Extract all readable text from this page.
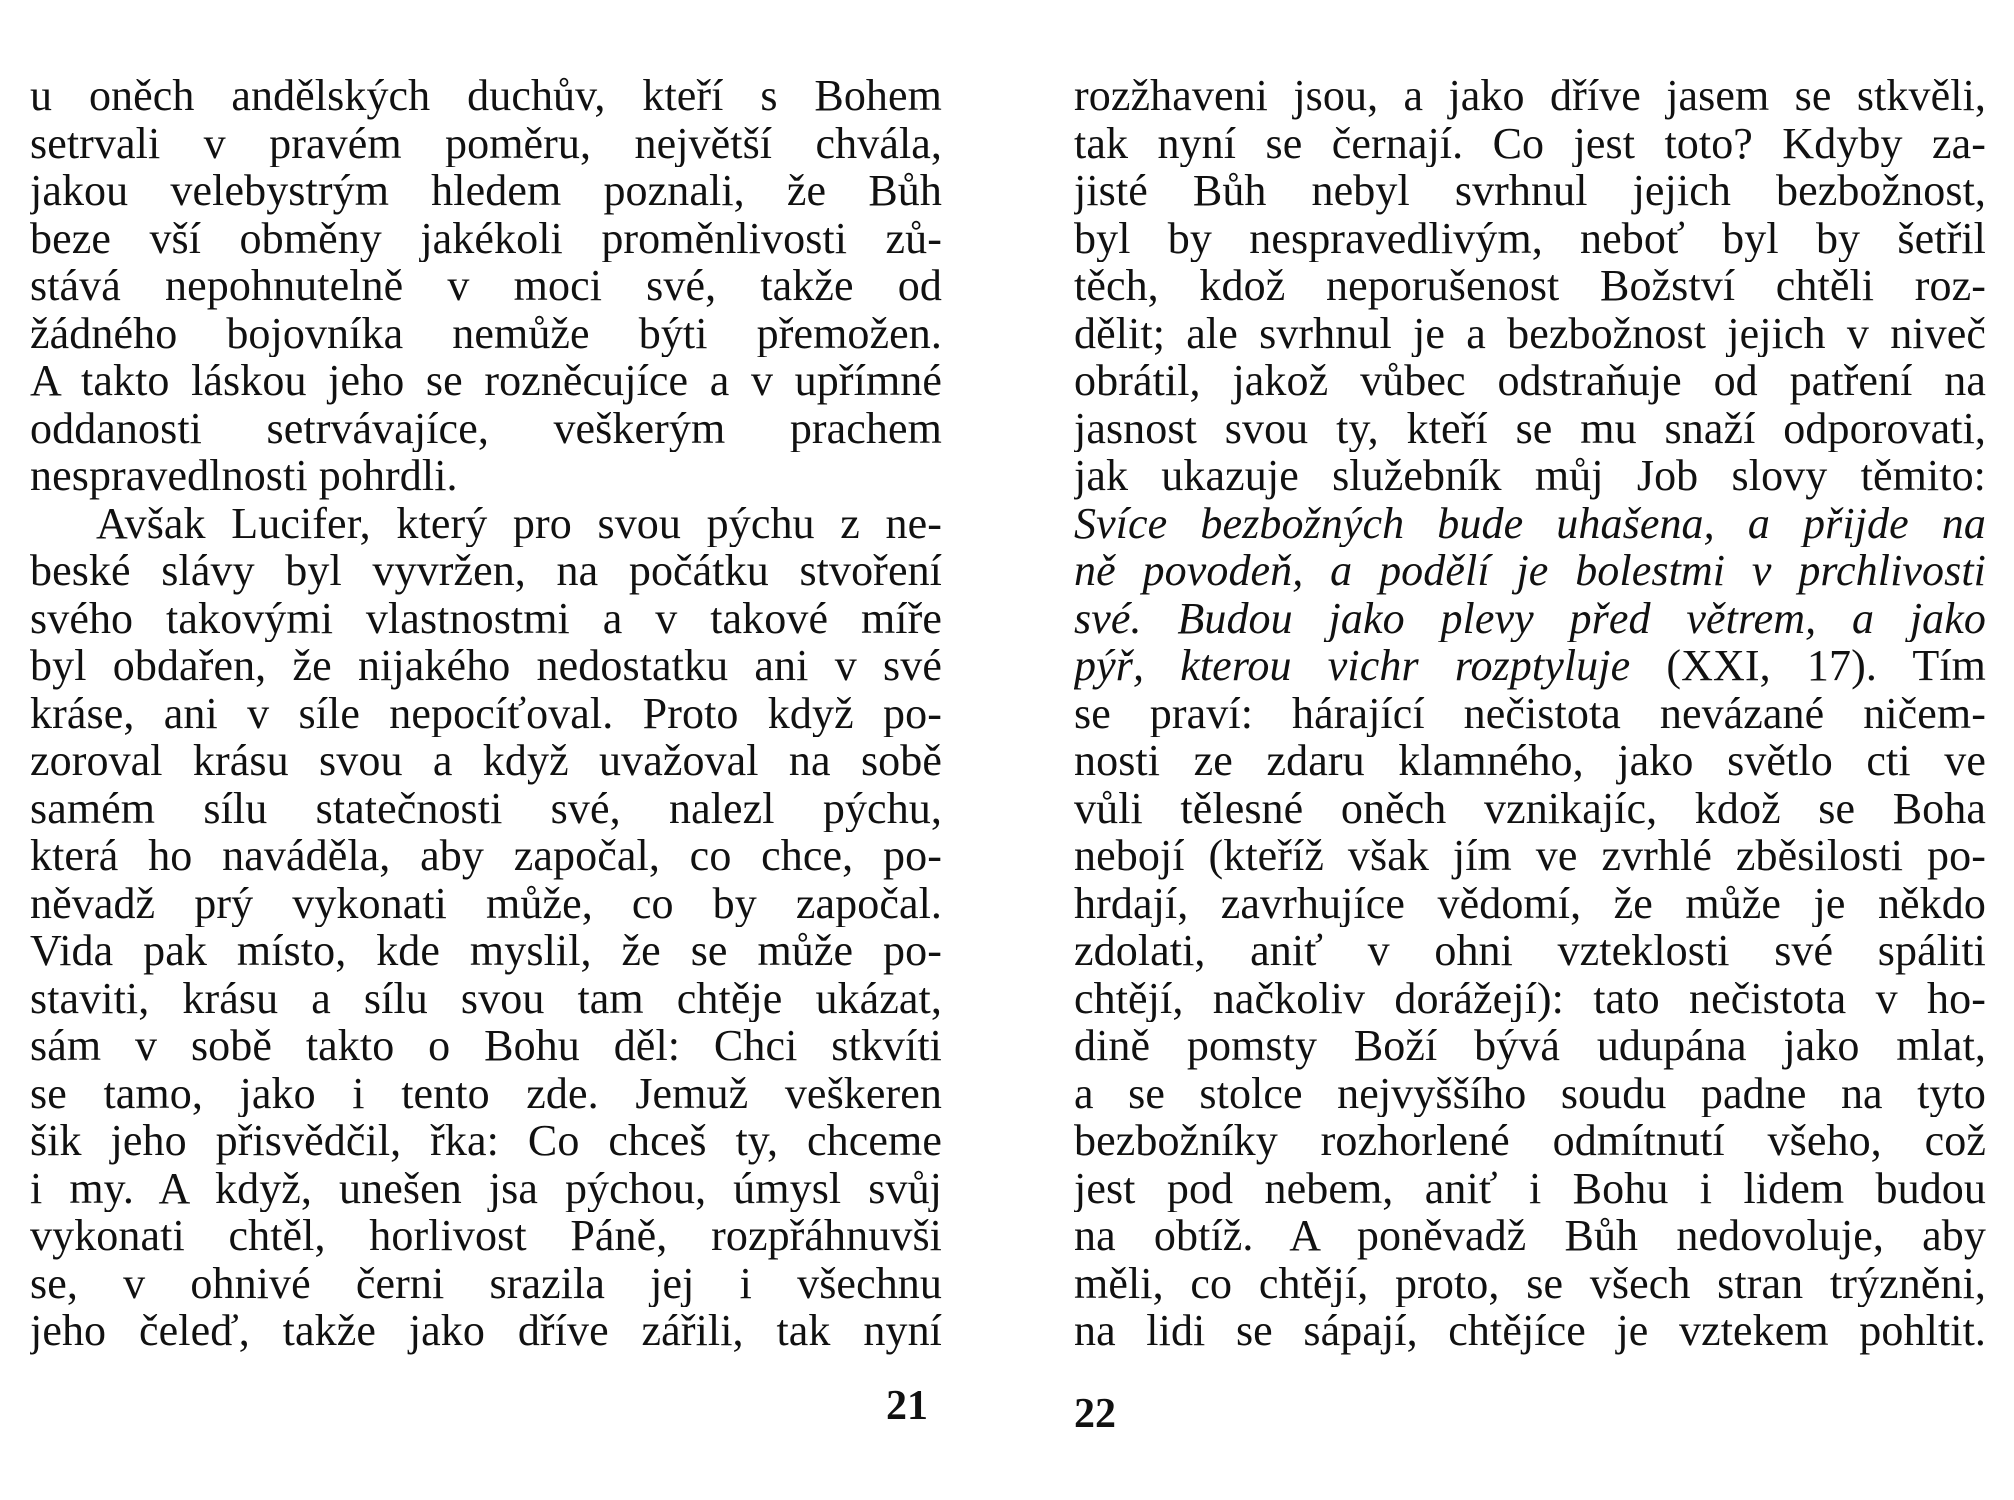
u oněch andělských duchův, kteří s Bohem
setrvali v pravém poměru, největší chvála,
jakou velebystrým hledem poznali, že Bůh
beze vší obměny jakékoli proměnlivosti zů-
stává nepohnutelně v moci své, takže od
žádného bojovníka nemůže býti přemožen.
A takto láskou jeho se rozněcujíce a v upřímné
oddanosti setrvávajíce, veškerým prachem
nespravedlnosti pohrdli.
Avšak Lucifer, který pro svou pýchu z ne-
beské slávy byl vyvržen, na počátku stvoření
svého takovými vlastnostmi a v takové míře
byl obdařen, že nijakého nedostatku ani v své
kráse, ani v síle nepocíťoval. Proto když po-
zoroval krásu svou a když uvažoval na sobě
samém sílu statečnosti své, nalezl pýchu,
která ho naváděla, aby započal, co chce, po-
něvadž prý vykonati může, co by započal.
Vida pak místo, kde myslil, že se může po-
staviti, krásu a sílu svou tam chtěje ukázat,
sám v sobě takto o Bohu děl: Chci stkvíti
se tamo, jako i tento zde. Jemuž veškeren
šik jeho přisvědčil, řka: Co chceš ty, chceme
i my. A když, unešen jsa pýchou, úmysl svůj
vykonati chtěl, horlivost Páně, rozpřáhnuvši
se, v ohnivé černi srazila jej i všechnu
jeho čeleď, takže jako dříve zářili, tak nyní
21
rozžhaveni jsou, a jako dříve jasem se stkvěli,
tak nyní se černají. Co jest toto? Kdyby za-
jisté Bůh nebyl svrhnul jejich bezbožnost,
byl by nespravedlivým, neboť byl by šetřil
těch, kdož neporušenost Božství chtěli roz-
dělit; ale svrhnul je a bezbožnost jejich v niveč
obrátil, jakož vůbec odstraňuje od patření na
jasnost svou ty, kteří se mu snaží odporovati,
jak ukazuje služebník můj Job slovy těmito:
Svíce bezbožných bude uhašena, a přijde na
ně povodeň, a podělí je bolestmi v prchlivosti
své. Budou jako plevy před větrem, a jako
pýř, kterou vichr rozptyluje (XXI, 17). Tím
se praví: hárající nečistota nevázané ničem-
nosti ze zdaru klamného, jako světlo cti ve
vůli tělesné oněch vznikajíc, kdož se Boha
nebojí (kteříž však jím ve zvrhlé zběsilosti po-
hrdají, zavrhujíce vědomí, že může je někdo
zdolati, aniť v ohni vzteklosti své spáliti
chtějí, načkoliv dorážejí): tato nečistota v ho-
dině pomsty Boží bývá udupána jako mlat,
a se stolce nejvyššího soudu padne na tyto
bezbožníky rozhorlené odmítnutí všeho, což
jest pod nebem, aniť i Bohu i lidem budou
na obtíž. A poněvadž Bůh nedovoluje, aby
měli, co chtějí, proto, se všech stran trýzněni,
na lidi se sápají, chtějíce je vztekem pohltit.
22
